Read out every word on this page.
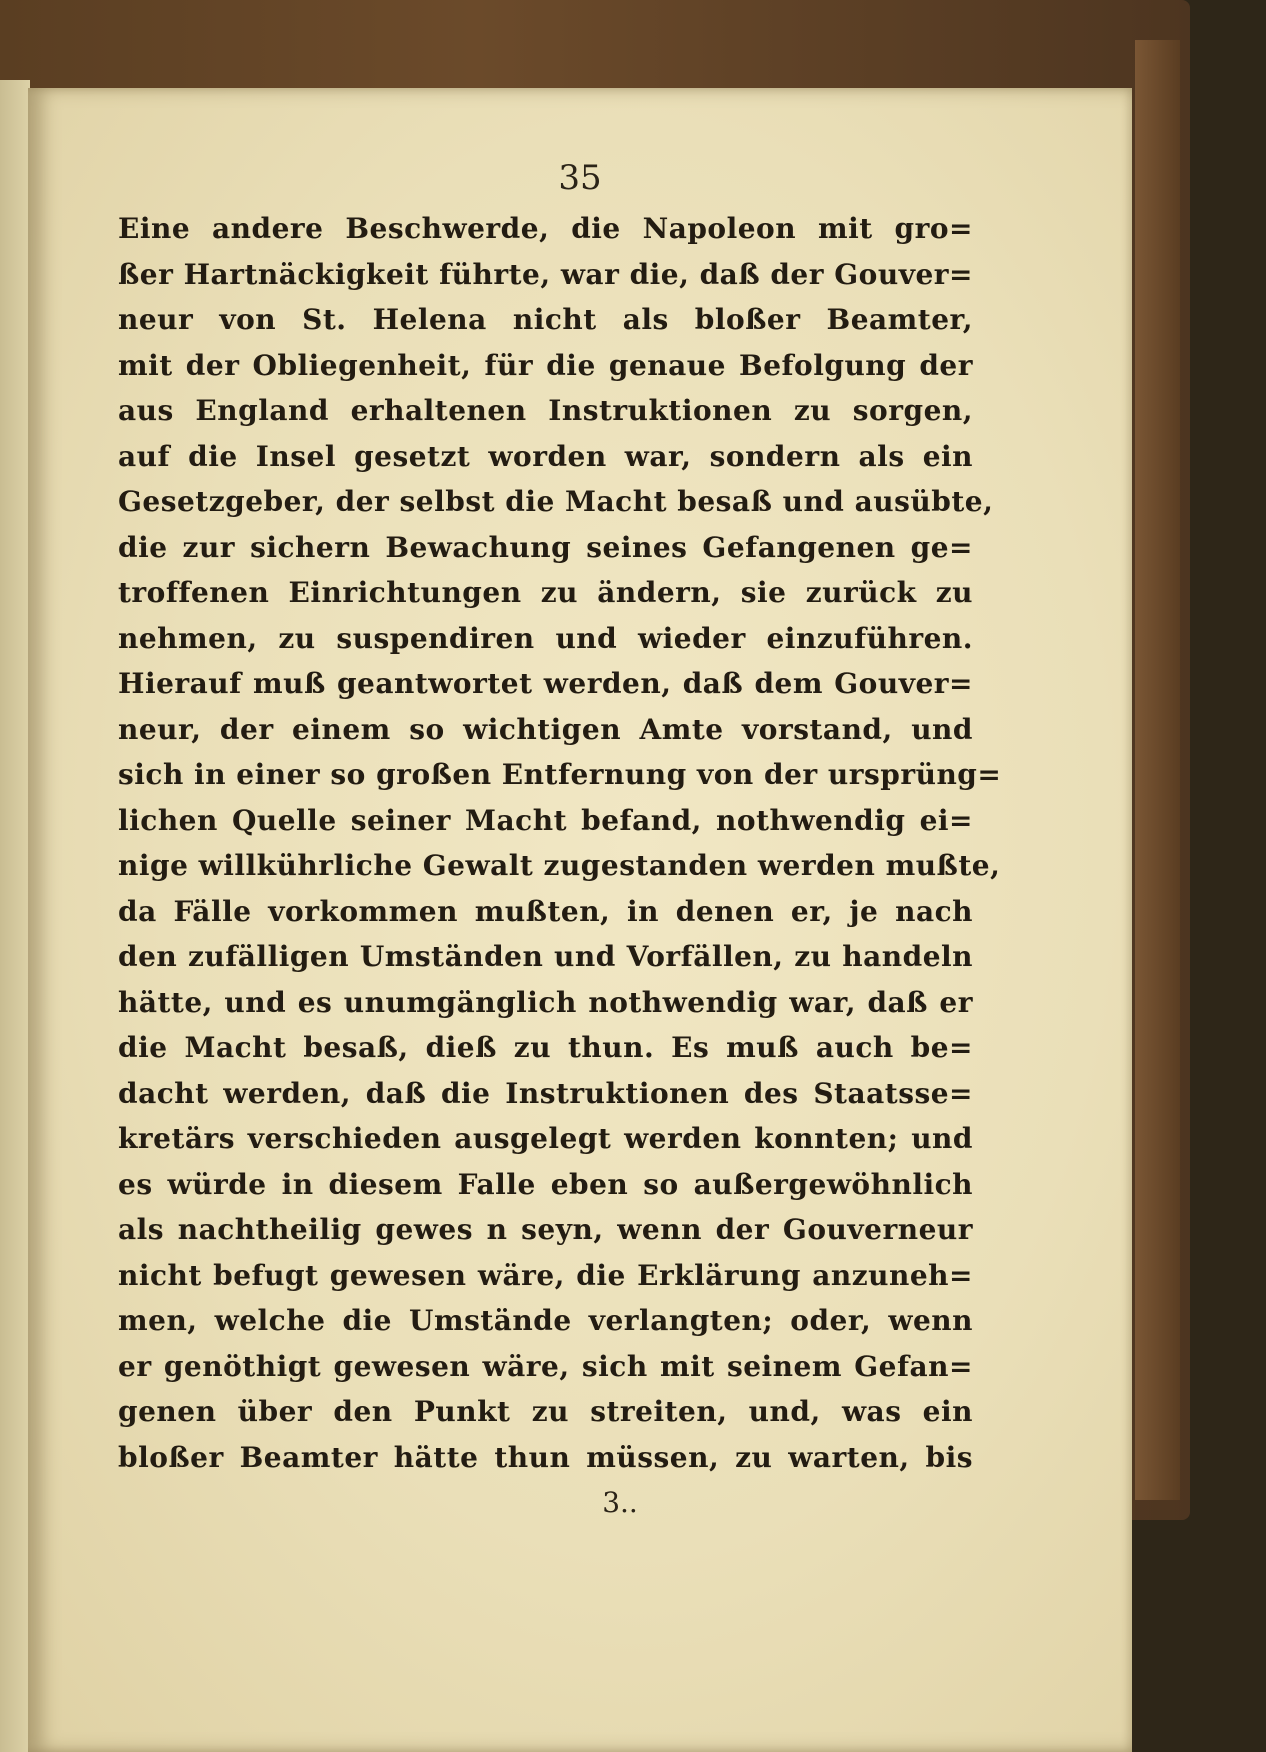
35

Eine andere Beschwerde, die Napoleon mit gro=
ßer Hartnäckigkeit führte, war die, daß der Gouver=
neur von St. Helena nicht als bloßer Beamter,
mit der Obliegenheit, für die genaue Befolgung der
aus England erhaltenen Instruktionen zu sorgen,
auf die Insel gesetzt worden war, sondern als ein
Gesetzgeber, der selbst die Macht besaß und ausübte,
die zur sichern Bewachung seines Gefangenen ge=
troffenen Einrichtungen zu ändern, sie zurück zu
nehmen, zu suspendiren und wieder einzuführen.
Hierauf muß geantwortet werden, daß dem Gouver=
neur, der einem so wichtigen Amte vorstand, und
sich in einer so großen Entfernung von der ursprüng=
lichen Quelle seiner Macht befand, nothwendig ei=
nige willkührliche Gewalt zugestanden werden mußte,
da Fälle vorkommen mußten, in denen er, je nach
den zufälligen Umständen und Vorfällen, zu handeln
hätte, und es unumgänglich nothwendig war, daß er
die Macht besaß, dieß zu thun. Es muß auch be=
dacht werden, daß die Instruktionen des Staatsse=
kretärs verschieden ausgelegt werden konnten; und
es würde in diesem Falle eben so außergewöhnlich
als nachtheilig gewes n seyn, wenn der Gouverneur
nicht befugt gewesen wäre, die Erklärung anzuneh=
men, welche die Umstände verlangten; oder, wenn
er genöthigt gewesen wäre, sich mit seinem Gefan=
genen über den Punkt zu streiten, und, was ein
bloßer Beamter hätte thun müssen, zu warten, bis
3..
